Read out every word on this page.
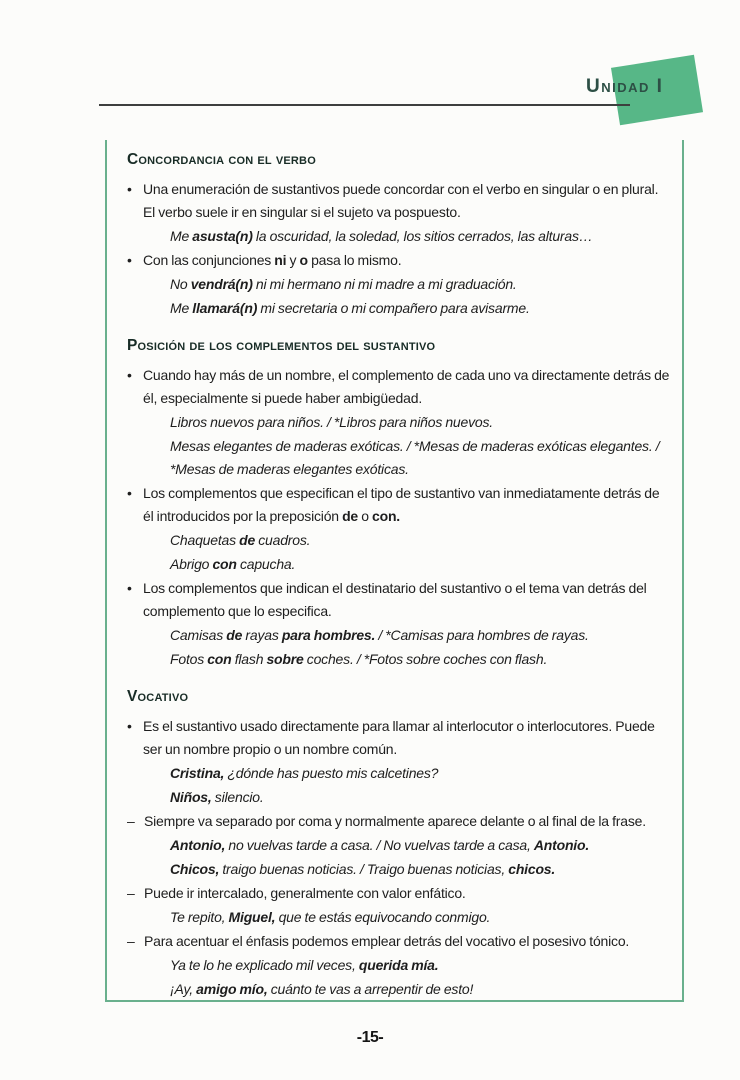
Unidad I
Concordancia con el verbo
• Una enumeración de sustantivos puede concordar con el verbo en singular o en plural. El verbo suele ir en singular si el sujeto va pospuesto.
Me asusta(n) la oscuridad, la soledad, los sitios cerrados, las alturas…
• Con las conjunciones ni y o pasa lo mismo.
No vendrá(n) ni mi hermano ni mi madre a mi graduación.
Me llamará(n) mi secretaria o mi compañero para avisarme.
Posición de los complementos del sustantivo
• Cuando hay más de un nombre, el complemento de cada uno va directamente detrás de él, especialmente si puede haber ambigüedad.
Libros nuevos para niños. / *Libros para niños nuevos.
Mesas elegantes de maderas exóticas. / *Mesas de maderas exóticas elegantes. / *Mesas de maderas elegantes exóticas.
• Los complementos que especifican el tipo de sustantivo van inmediatamente detrás de él introducidos por la preposición de o con.
Chaquetas de cuadros.
Abrigo con capucha.
• Los complementos que indican el destinatario del sustantivo o el tema van detrás del complemento que lo especifica.
Camisas de rayas para hombres. / *Camisas para hombres de rayas.
Fotos con flash sobre coches. / *Fotos sobre coches con flash.
Vocativo
• Es el sustantivo usado directamente para llamar al interlocutor o interlocutores. Puede ser un nombre propio o un nombre común.
Cristina, ¿dónde has puesto mis calcetines?
Niños, silencio.
– Siempre va separado por coma y normalmente aparece delante o al final de la frase.
Antonio, no vuelvas tarde a casa. / No vuelvas tarde a casa, Antonio.
Chicos, traigo buenas noticias. / Traigo buenas noticias, chicos.
– Puede ir intercalado, generalmente con valor enfático.
Te repito, Miguel, que te estás equivocando conmigo.
– Para acentuar el énfasis podemos emplear detrás del vocativo el posesivo tónico.
Ya te lo he explicado mil veces, querida mía.
¡Ay, amigo mío, cuánto te vas a arrepentir de esto!
-15-
